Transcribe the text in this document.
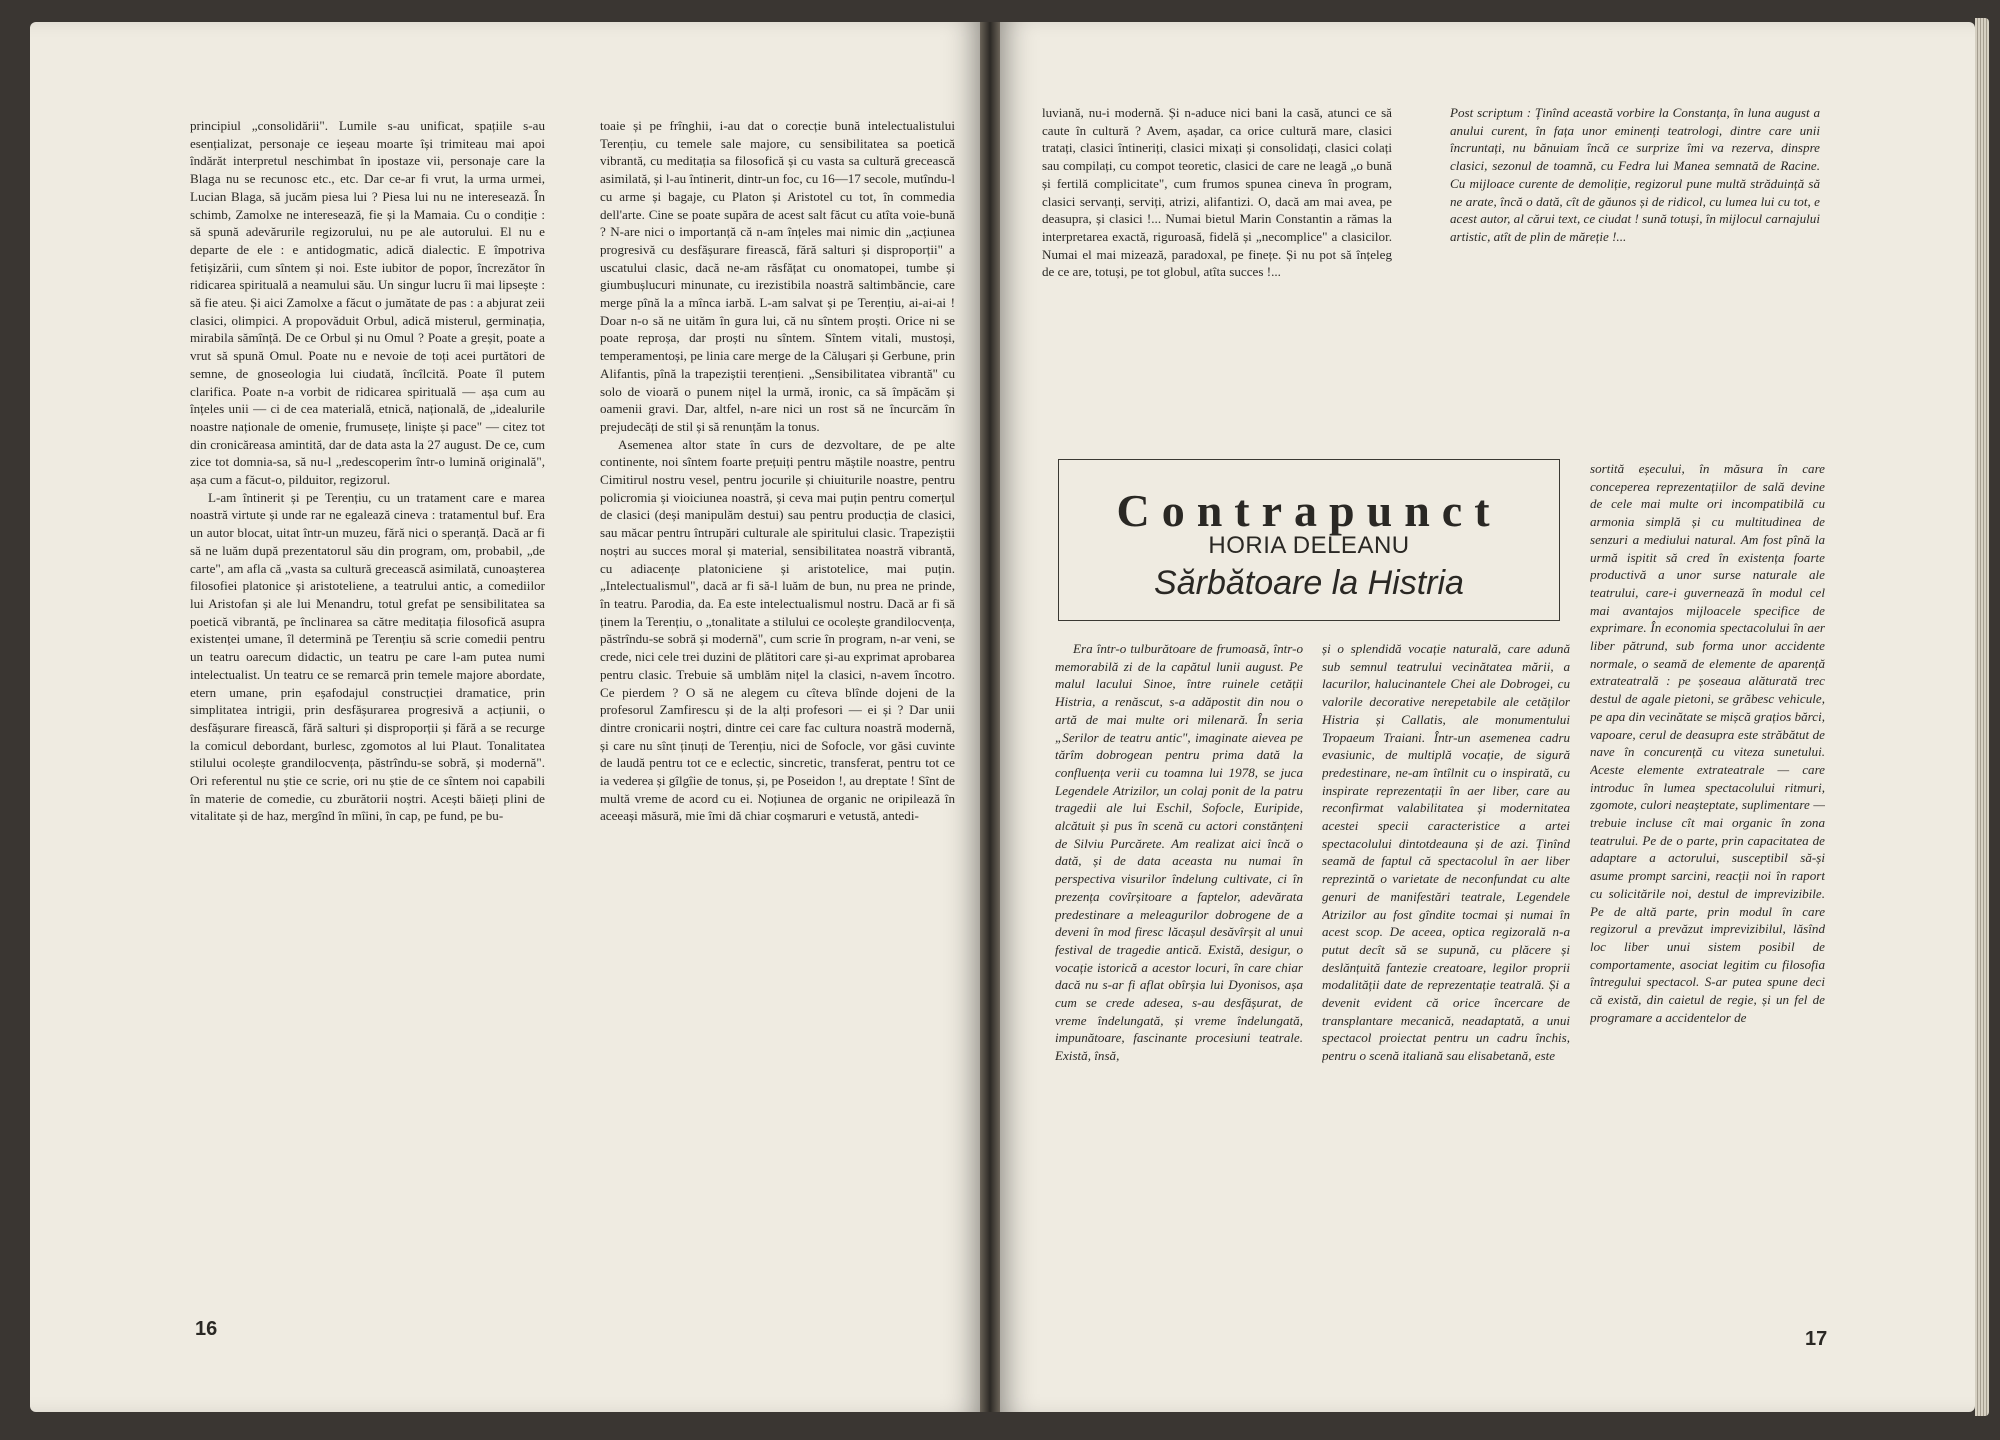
principiul „consolidării". Lumile s-au unificat, spațiile s-au esențializat, personaje ce ieșeau moarte își trimiteau mai apoi îndărăt interpretul neschimbat în ipostaze vii, personaje care la Blaga nu se recunosc etc., etc. Dar ce-ar fi vrut, la urma urmei, Lucian Blaga, să jucăm piesa lui ? Piesa lui nu ne interesează. În schimb, Zamolxe ne interesează, fie și la Mamaia. Cu o condiție : să spună adevărurile regizorului, nu pe ale autorului. El nu e departe de ele : e antidogmatic, adică dialectic. E împotriva fetișizării, cum sîntem și noi. Este iubitor de popor, încrezător în ridicarea spirituală a neamului său. Un singur lucru îi mai lipsește : să fie ateu. Și aici Zamolxe a făcut o jumătate de pas : a abjurat zeii clasici, olimpici. A propovăduit Orbul, adică misterul, germinația, mirabila sămînță. De ce Orbul și nu Omul ? Poate a greșit, poate a vrut să spună Omul. Poate nu e nevoie de toți acei purtători de semne, de gnoseologia lui ciudată, încîlcită. Poate îl putem clarifica. Poate n-a vorbit de ridicarea spirituală — așa cum au înțeles unii — ci de cea materială, etnică, națională, de „idealurile noastre naționale de omenie, frumusețe, liniște și pace" — citez tot din cronicăreasa amintită, dar de data asta la 27 august. De ce, cum zice tot domnia-sa, să nu-l „redescoperim într-o lumină originală", așa cum a făcut-o, pilduitor, regizorul.

L-am întinerit și pe Terențiu, cu un tratament care e marea noastră virtute și unde rar ne egalează cineva : tratamentul buf. Era un autor blocat, uitat într-un muzeu, fără nici o speranță. Dacă ar fi să ne luăm după prezentatorul său din program, om, probabil, „de carte", am afla că „vasta sa cultură grecească asimilată, cunoașterea filosofiei platonice și aristoteliene, a teatrului antic, a comediilor lui Aristofan și ale lui Menandru, totul grefat pe sensibilitatea sa poetică vibrantă, pe înclinarea sa către meditația filosofică asupra existenței umane, îl determină pe Terențiu să scrie comedii pentru un teatru oarecum didactic, un teatru pe care l-am putea numi intelectualist. Un teatru ce se remarcă prin temele majore abordate, etern umane, prin eșafodajul construcției dramatice, prin simplitatea intrigii, prin desfășurarea progresivă a acțiunii, o desfășurare firească, fără salturi și disproporții și fără a se recurge la comicul debordant, burlesc, zgomotos al lui Plaut. Tonalitatea stilului ocolește grandilocvența, păstrîndu-se sobră, și modernă". Ori referentul nu știe ce scrie, ori nu știe de ce sîntem noi capabili în materie de comedie, cu zburătorii noștri. Acești băieți plini de vitalitate și de haz, mergînd în mîini, în cap, pe fund, pe bu-

toaie și pe frînghii, i-au dat o corecție bună intelectualistului Terențiu, cu temele sale majore, cu sensibilitatea sa poetică vibrantă, cu meditația sa filosofică și cu vasta sa cultură grecească asimilată, și l-au întinerit, dintr-un foc, cu 16—17 secole, mutîndu-l cu arme și bagaje, cu Platon și Aristotel cu tot, în commedia dell'arte. Cine se poate supăra de acest salt făcut cu atîta voie-bună ? N-are nici o importanță că n-am înțeles mai nimic din „acțiunea progresivă cu desfășurare firească, fără salturi și disproporții" a uscatului clasic, dacă ne-am răsfățat cu onomatopei, tumbe și giumbușlucuri minunate, cu irezistibila noastră saltimbăncie, care merge pînă la a mînca iarbă. L-am salvat și pe Terențiu, ai-ai-ai ! Doar n-o să ne uităm în gura lui, că nu sîntem proști. Orice ni se poate reproșa, dar proști nu sîntem. Sîntem vitali, mustoși, temperamentoși, pe linia care merge de la Călușari și Gerbune, prin Alifantis, pînă la trapeziștii terențieni. „Sensibilitatea vibrantă" cu solo de vioară o punem nițel la urmă, ironic, ca să împăcăm și oamenii gravi. Dar, altfel, n-are nici un rost să ne încurcăm în prejudecăți de stil și să renunțăm la tonus.

Asemenea altor state în curs de dezvoltare, de pe alte continente, noi sîntem foarte prețuiți pentru măștile noastre, pentru Cimitirul nostru vesel, pentru jocurile și chiuiturile noastre, pentru policromia și vioiciunea noastră, și ceva mai puțin pentru comerțul de clasici (deși manipulăm destui) sau pentru producția de clasici, sau măcar pentru întrupări culturale ale spiritului clasic. Trapeziștii noștri au succes moral și material, sensibilitatea noastră vibrantă, cu adiacențe platoniciene și aristotelice, mai puțin. „Intelectualismul", dacă ar fi să-l luăm de bun, nu prea ne prinde, în teatru. Parodia, da. Ea este intelectualismul nostru. Dacă ar fi să ținem la Terențiu, o „tonalitate a stilului ce ocolește grandilocvența, păstrîndu-se sobră și modernă", cum scrie în program, n-ar veni, se crede, nici cele trei duzini de plătitori care și-au exprimat aprobarea pentru clasic. Trebuie să umblăm nițel la clasici, n-avem încotro. Ce pierdem ? O să ne alegem cu cîteva blînde dojeni de la profesorul Zamfirescu și de la alți profesori — ei și ? Dar unii dintre cronicarii noștri, dintre cei care fac cultura noastră modernă, și care nu sînt ținuți de Terențiu, nici de Sofocle, vor găsi cuvinte de laudă pentru tot ce e eclectic, sincretic, transferat, pentru tot ce ia vederea și gîlgîie de tonus, și, pe Poseidon !, au dreptate ! Sînt de multă vreme de acord cu ei. Noțiunea de organic ne oripilează în aceeași măsură, mie îmi dă chiar coșmaruri e vetustă, antedi-

16

luviană, nu-i modernă. Și n-aduce nici bani la casă, atunci ce să caute în cultură ? Avem, așadar, ca orice cultură mare, clasici tratați, clasici întineriți, clasici mixați și consolidați, clasici colați sau compilați, cu compot teoretic, clasici de care ne leagă „o bună și fertilă complicitate", cum frumos spunea cineva în program, clasici servanți, serviți, atrizi, alifantizi. O, dacă am mai avea, pe deasupra, și clasici !... Numai bietul Marin Constantin a rămas la interpretarea exactă, riguroasă, fidelă și „necomplice" a clasicilor. Numai el mai mizează, paradoxal, pe finețe. Și nu pot să înțeleg de ce are, totuși, pe tot globul, atîta succes !...

Post scriptum : Ținînd această vorbire la Constanța, în luna august a anului curent, în fața unor eminenți teatrologi, dintre care unii încruntați, nu bănuiam încă ce surprize îmi va rezerva, dinspre clasici, sezonul de toamnă, cu Fedra lui Manea semnată de Racine. Cu mijloace curente de demoliție, regizorul pune multă străduință să ne arate, încă o dată, cît de găunos și de ridicol, cu lumea lui cu tot, e acest autor, al cărui text, ce ciudat ! sună totuși, în mijlocul carnajului artistic, atît de plin de măreție !...

Contrapunct
HORIA DELEANU
Sărbătoare la Histria

Era într-o tulburătoare de frumoasă, într-o memorabilă zi de la capătul lunii august. Pe malul lacului Sinoe, între ruinele cetății Histria, a renăscut, s-a adăpostit din nou o artă de mai multe ori milenară. În seria „Serilor de teatru antic", imaginate aievea pe tărîm dobrogean pentru prima dată la confluența verii cu toamna lui 1978, se juca Legendele Atrizilor, un colaj ponit de la patru tragedii ale lui Eschil, Sofocle, Euripide, alcătuit și pus în scenă cu actori constănțeni de Silviu Purcărete. Am realizat aici încă o dată, și de data aceasta nu numai în perspectiva visurilor îndelung cultivate, ci în prezența covîrșitoare a faptelor, adevărata predestinare a meleagurilor dobrogene de a deveni în mod firesc lăcașul desăvîrșit al unui festival de tragedie antică. Există, desigur, o vocație istorică a acestor locuri, în care chiar dacă nu s-ar fi aflat obîrșia lui Dyonisos, așa cum se crede adesea, s-au desfășurat, de vreme îndelungată, și vreme îndelungată, impunătoare, fascinante procesiuni teatrale. Există, însă,

și o splendidă vocație naturală, care adună sub semnul teatrului vecinătatea mării, a lacurilor, halucinantele Chei ale Dobrogei, cu valorile decorative nerepetabile ale cetăților Histria și Callatis, ale monumentului Tropaeum Traiani. Într-un asemenea cadru evasiunic, de multiplă vocație, de sigură predestinare, ne-am întîlnit cu o inspirată, cu inspirate reprezentații în aer liber, care au reconfirmat valabilitatea și modernitatea acestei specii caracteristice a artei spectacolului dintotdeauna și de azi. Ținînd seamă de faptul că spectacolul în aer liber reprezintă o varietate de neconfundat cu alte genuri de manifestări teatrale, Legendele Atrizilor au fost gîndite tocmai și numai în acest scop. De aceea, optica regizorală n-a putut decît să se supună, cu plăcere și deslănțuită fantezie creatoare, legilor proprii modalității date de reprezentație teatrală. Și a devenit evident că orice încercare de transplantare mecanică, neadaptată, a unui spectacol proiectat pentru un cadru închis, pentru o scenă italiană sau elisabetană, este

sortită eșecului, în măsura în care conceperea reprezentațiilor de sală devine de cele mai multe ori incompatibilă cu armonia simplă și cu multitudinea de senzuri a mediului natural. Am fost pînă la urmă ispitit să cred în existența foarte productivă a unor surse naturale ale teatrului, care-i guvernează în modul cel mai avantajos mijloacele specifice de exprimare. În economia spectacolului în aer liber pătrund, sub forma unor accidente normale, o seamă de elemente de aparență extrateatrală : pe șoseaua alăturată trec destul de agale pietoni, se grăbesc vehicule, pe apa din vecinătate se mișcă grațios bărci, vapoare, cerul de deasupra este străbătut de nave în concurență cu viteza sunetului. Aceste elemente extrateatrale — care introduc în lumea spectacolului ritmuri, zgomote, culori neașteptate, suplimentare — trebuie incluse cît mai organic în zona teatrului. Pe de o parte, prin capacitatea de adaptare a actorului, susceptibil să-și asume prompt sarcini, reacții noi în raport cu solicitările noi, destul de imprevizibile. Pe de altă parte, prin modul în care regizorul a prevăzut imprevizibilul, lăsînd loc liber unui sistem posibil de comportamente, asociat legitim cu filosofia întregului spectacol. S-ar putea spune deci că există, din caietul de regie, și un fel de programare a accidentelor de

17
